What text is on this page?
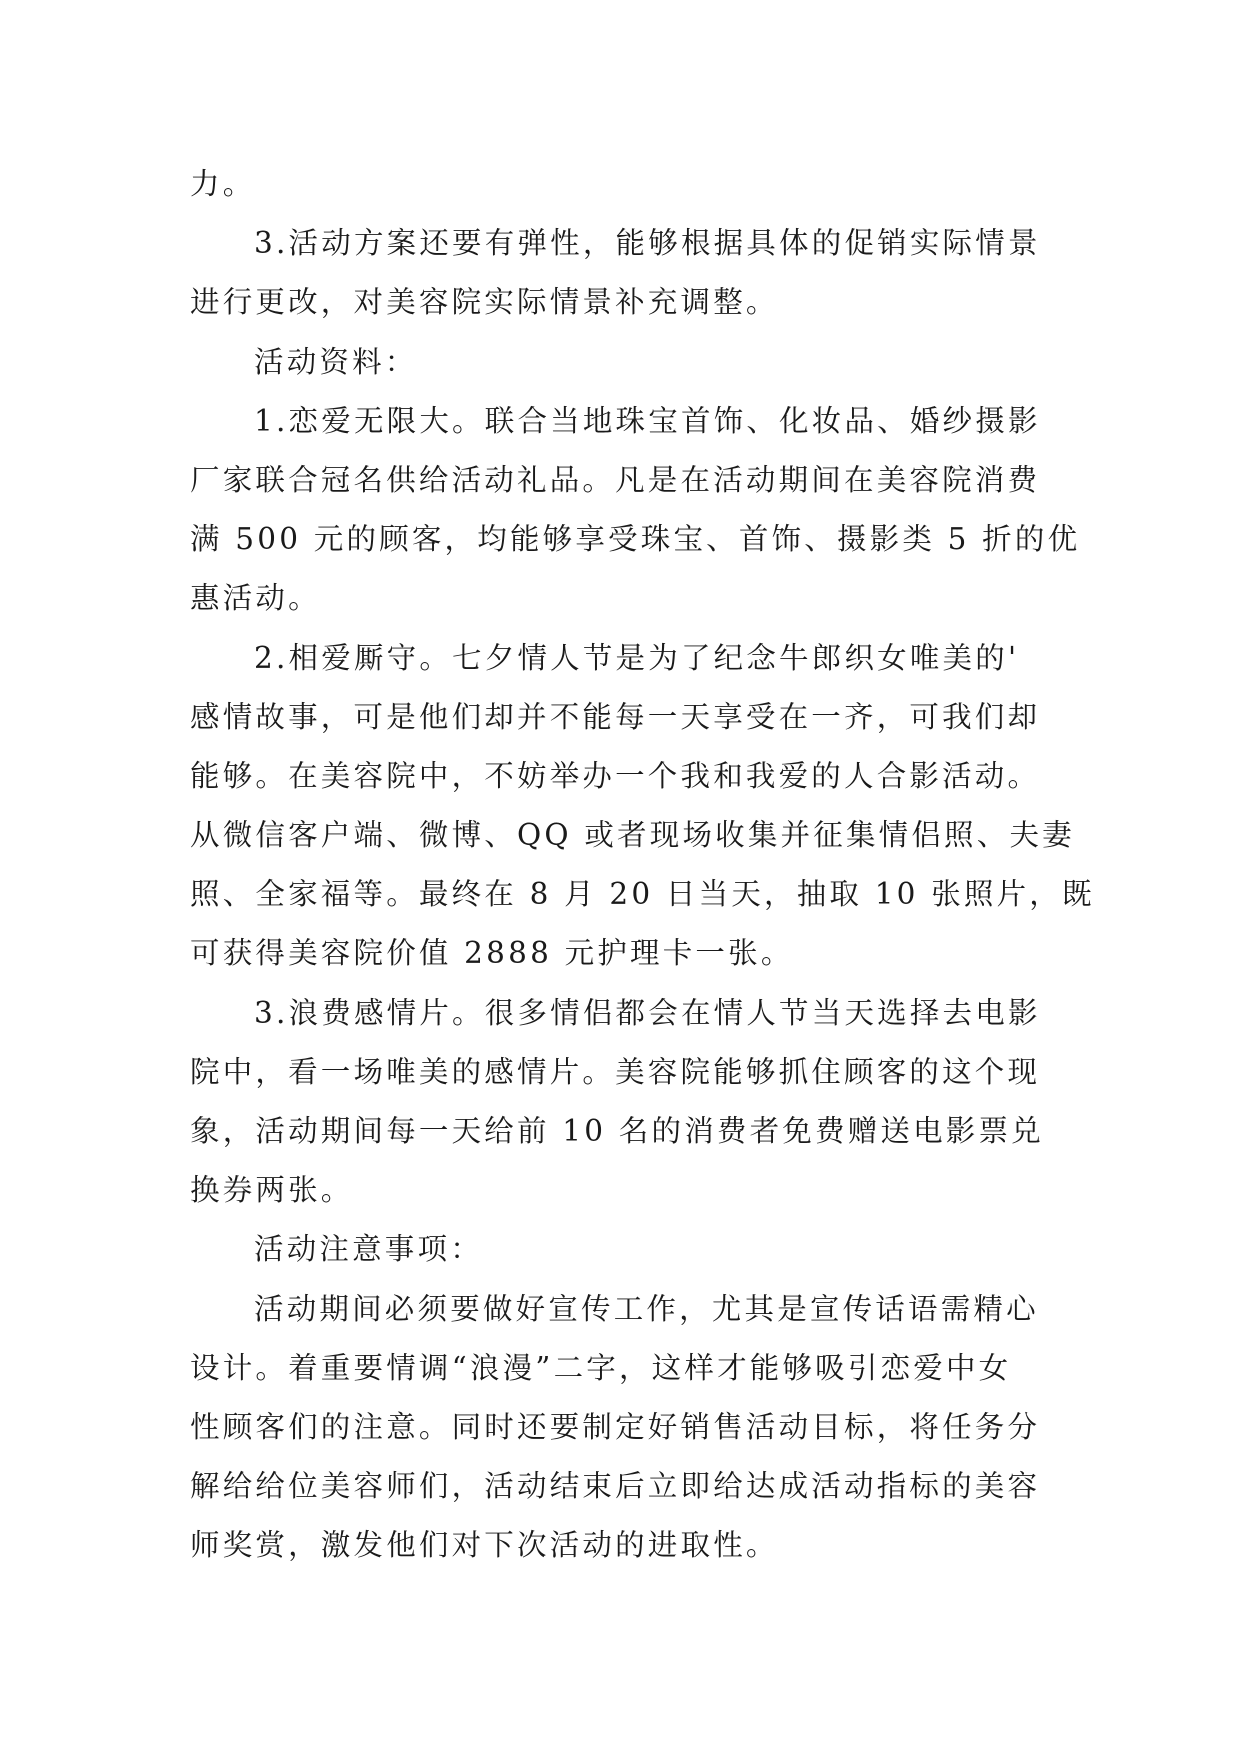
力。
3.活动方案还要有弹性，能够根据具体的促销实际情景
进行更改，对美容院实际情景补充调整。
活动资料：
1.恋爱无限大。联合当地珠宝首饰、化妆品、婚纱摄影
厂家联合冠名供给活动礼品。凡是在活动期间在美容院消费
满 500 元的顾客，均能够享受珠宝、首饰、摄影类 5 折的优
惠活动。
2.相爱厮守。七夕情人节是为了纪念牛郎织女唯美的'
感情故事，可是他们却并不能每一天享受在一齐，可我们却
能够。在美容院中，不妨举办一个我和我爱的人合影活动。
从微信客户端、微博、QQ 或者现场收集并征集情侣照、夫妻
照、全家福等。最终在 8 月 20 日当天，抽取 10 张照片，既
可获得美容院价值 2888 元护理卡一张。
3.浪费感情片。很多情侣都会在情人节当天选择去电影
院中，看一场唯美的感情片。美容院能够抓住顾客的这个现
象，活动期间每一天给前 10 名的消费者免费赠送电影票兑
换券两张。
活动注意事项：
活动期间必须要做好宣传工作，尤其是宣传话语需精心
设计。着重要情调“浪漫”二字，这样才能够吸引恋爱中女
性顾客们的注意。同时还要制定好销售活动目标，将任务分
解给给位美容师们，活动结束后立即给达成活动指标的美容
师奖赏，激发他们对下次活动的进取性。
